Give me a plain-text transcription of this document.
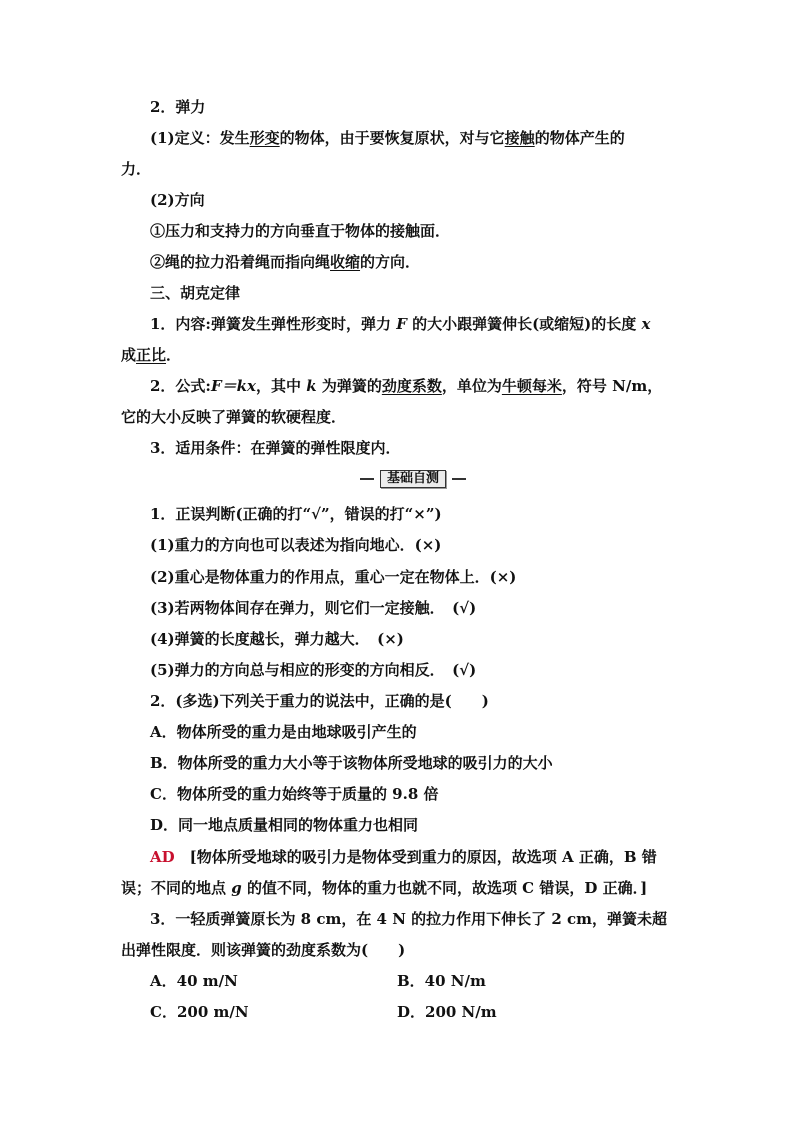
2．弹力
(1)定义：发生形变的物体，由于要恢复原状，对与它接触的物体产生的
力．
(2)方向
①压力和支持力的方向垂直于物体的接触面．
②绳的拉力沿着绳而指向绳收缩的方向．
三、胡克定律
1．内容:弹簧发生弹性形变时，弹力 F 的大小跟弹簧伸长(或缩短)的长度 x
成正比．
2．公式:F＝kx，其中 k 为弹簧的劲度系数，单位为牛顿每米，符号 N/m，
它的大小反映了弹簧的软硬程度．
3．适用条件：在弹簧的弹性限度内．
基础自测
1．正误判断(正确的打“√”，错误的打“×”)
(1)重力的方向也可以表述为指向地心．(×)
(2)重心是物体重力的作用点，重心一定在物体上．(×)
(3)若两物体间存在弹力，则它们一定接触．　(√)
(4)弹簧的长度越长，弹力越大．　(×)
(5)弹力的方向总与相应的形变的方向相反．　(√)
2．(多选)下列关于重力的说法中，正确的是(　　)
A．物体所受的重力是由地球吸引产生的
B．物体所受的重力大小等于该物体所受地球的吸引力的大小
C．物体所受的重力始终等于质量的 9.8 倍
D．同一地点质量相同的物体重力也相同
AD　[物体所受地球的吸引力是物体受到重力的原因，故选项 A 正确，B 错
误；不同的地点 g 的值不同，物体的重力也就不同，故选项 C 错误，D 正确．]
3．一轻质弹簧原长为 8 cm，在 4 N 的拉力作用下伸长了 2 cm，弹簧未超
出弹性限度．则该弹簧的劲度系数为(　　)
A．40 m/N	B．40 N/m
C．200 m/N	D．200 N/m
